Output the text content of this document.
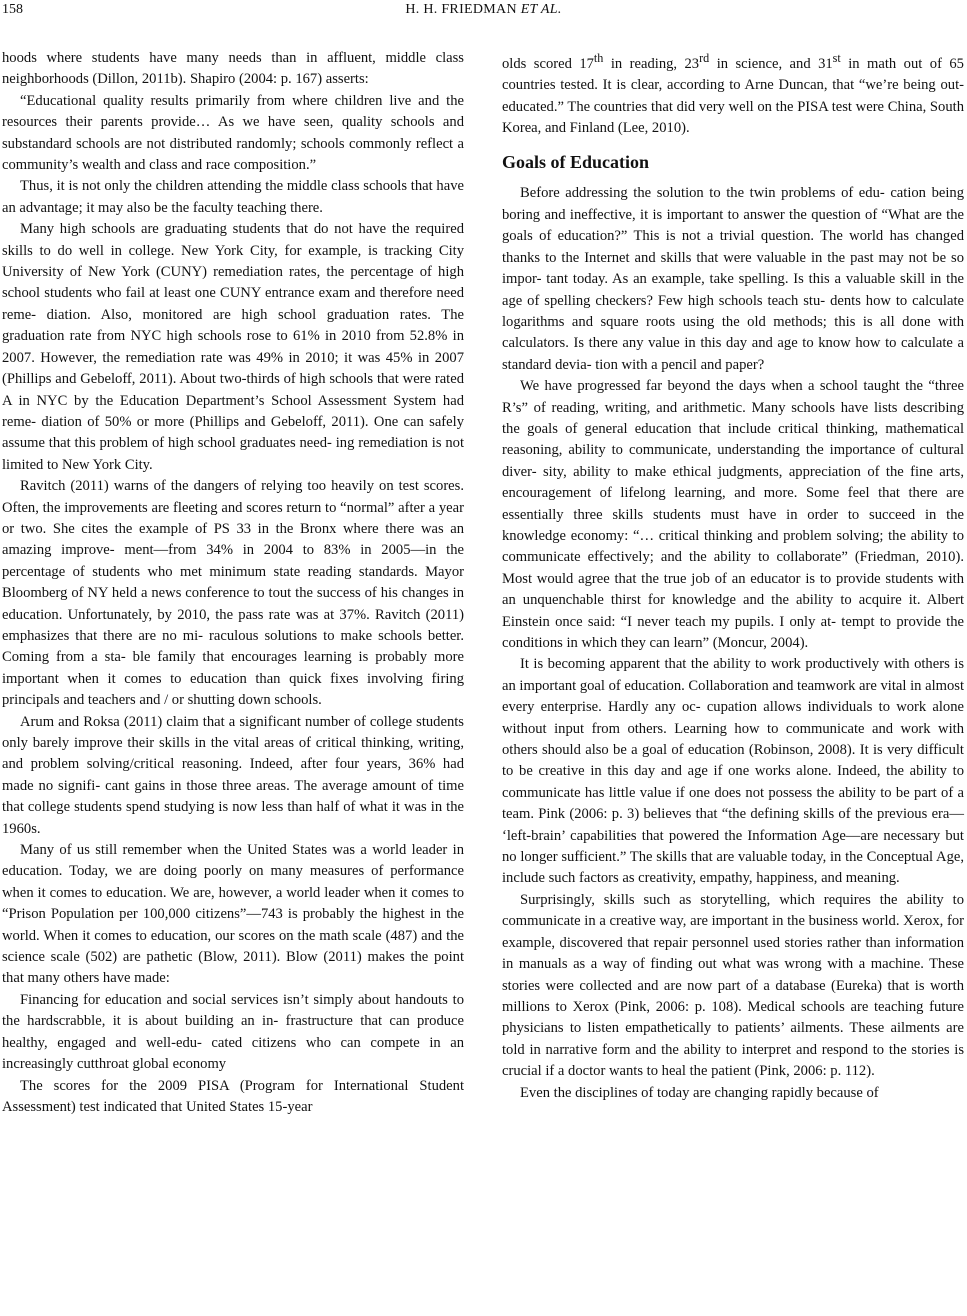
158	H. H. FRIEDMAN ET AL.

hoods where students have many needs than in affluent, middle class neighborhoods (Dillon, 2011b). Shapiro (2004: p. 167) asserts:

“Educational quality results primarily from where children live and the resources their parents provide… As we have seen, quality schools and substandard schools are not distributed randomly; schools commonly reflect a community’s wealth and class and race composition.”

Thus, it is not only the children attending the middle class schools that have an advantage; it may also be the faculty teaching there.

Many high schools are graduating students that do not have the required skills to do well in college. New York City, for example, is tracking City University of New York (CUNY) remediation rates, the percentage of high school students who fail at least one CUNY entrance exam and therefore need reme- diation. Also, monitored are high school graduation rates. The graduation rate from NYC high schools rose to 61% in 2010 from 52.8% in 2007. However, the remediation rate was 49% in 2010; it was 45% in 2007 (Phillips and Gebeloff, 2011). About two-thirds of high schools that were rated A in NYC by the Education Department’s School Assessment System had reme- diation of 50% or more (Phillips and Gebeloff, 2011). One can safely assume that this problem of high school graduates need- ing remediation is not limited to New York City.

Ravitch (2011) warns of the dangers of relying too heavily on test scores. Often, the improvements are fleeting and scores return to “normal” after a year or two. She cites the example of PS 33 in the Bronx where there was an amazing improve- ment―from 34% in 2004 to 83% in 2005―in the percentage of students who met minimum state reading standards. Mayor Bloomberg of NY held a news conference to tout the success of his changes in education. Unfortunately, by 2010, the pass rate was at 37%. Ravitch (2011) emphasizes that there are no mi- raculous solutions to make schools better. Coming from a sta- ble family that encourages learning is probably more important when it comes to education than quick fixes involving firing principals and teachers and / or shutting down schools.

Arum and Roksa (2011) claim that a significant number of college students only barely improve their skills in the vital areas of critical thinking, writing, and problem solving/critical reasoning. Indeed, after four years, 36% had made no signifi- cant gains in those three areas. The average amount of time that college students spend studying is now less than half of what it was in the 1960s.

Many of us still remember when the United States was a world leader in education. Today, we are doing poorly on many measures of performance when it comes to education. We are, however, a world leader when it comes to “Prison Population per 100,000 citizens”―743 is probably the highest in the world. When it comes to education, our scores on the math scale (487) and the science scale (502) are pathetic (Blow, 2011). Blow (2011) makes the point that many others have made:

Financing for education and social services isn’t simply about handouts to the hardscrabble, it is about building an in- frastructure that can produce healthy, engaged and well-edu- cated citizens who can compete in an increasingly cutthroat global economy

The scores for the 2009 PISA (Program for International Student Assessment) test indicated that United States 15-year

olds scored 17th in reading, 23rd in science, and 31st in math out of 65 countries tested. It is clear, according to Arne Duncan, that “we’re being out-educated.” The countries that did very well on the PISA test were China, South Korea, and Finland (Lee, 2010).

Goals of Education

Before addressing the solution to the twin problems of edu- cation being boring and ineffective, it is important to answer the question of “What are the goals of education?” This is not a trivial question. The world has changed thanks to the Internet and skills that were valuable in the past may not be so impor- tant today. As an example, take spelling. Is this a valuable skill in the age of spelling checkers? Few high schools teach stu- dents how to calculate logarithms and square roots using the old methods; this is all done with calculators. Is there any value in this day and age to know how to calculate a standard devia- tion with a pencil and paper?

We have progressed far beyond the days when a school taught the “three R’s” of reading, writing, and arithmetic. Many schools have lists describing the goals of general education that include critical thinking, mathematical reasoning, ability to communicate, understanding the importance of cultural diver- sity, ability to make ethical judgments, appreciation of the fine arts, encouragement of lifelong learning, and more. Some feel that there are essentially three skills students must have in order to succeed in the knowledge economy: “… critical thinking and problem solving; the ability to communicate effectively; and the ability to collaborate” (Friedman, 2010). Most would agree that the true job of an educator is to provide students with an unquenchable thirst for knowledge and the ability to acquire it. Albert Einstein once said: “I never teach my pupils. I only at- tempt to provide the conditions in which they can learn” (Moncur, 2004).

It is becoming apparent that the ability to work productively with others is an important goal of education. Collaboration and teamwork are vital in almost every enterprise. Hardly any oc- cupation allows individuals to work alone without input from others. Learning how to communicate and work with others should also be a goal of education (Robinson, 2008). It is very difficult to be creative in this day and age if one works alone. Indeed, the ability to communicate has little value if one does not possess the ability to be part of a team. Pink (2006: p. 3) believes that “the defining skills of the previous era— ‘left-brain’ capabilities that powered the Information Age—are necessary but no longer sufficient.” The skills that are valuable today, in the Conceptual Age, include such factors as creativity, empathy, happiness, and meaning.

Surprisingly, skills such as storytelling, which requires the ability to communicate in a creative way, are important in the business world. Xerox, for example, discovered that repair personnel used stories rather than information in manuals as a way of finding out what was wrong with a machine. These stories were collected and are now part of a database (Eureka) that is worth millions to Xerox (Pink, 2006: p. 108). Medical schools are teaching future physicians to listen empathetically to patients’ ailments. These ailments are told in narrative form and the ability to interpret and respond to the stories is crucial if a doctor wants to heal the patient (Pink, 2006: p. 112).

Even the disciplines of today are changing rapidly because of
